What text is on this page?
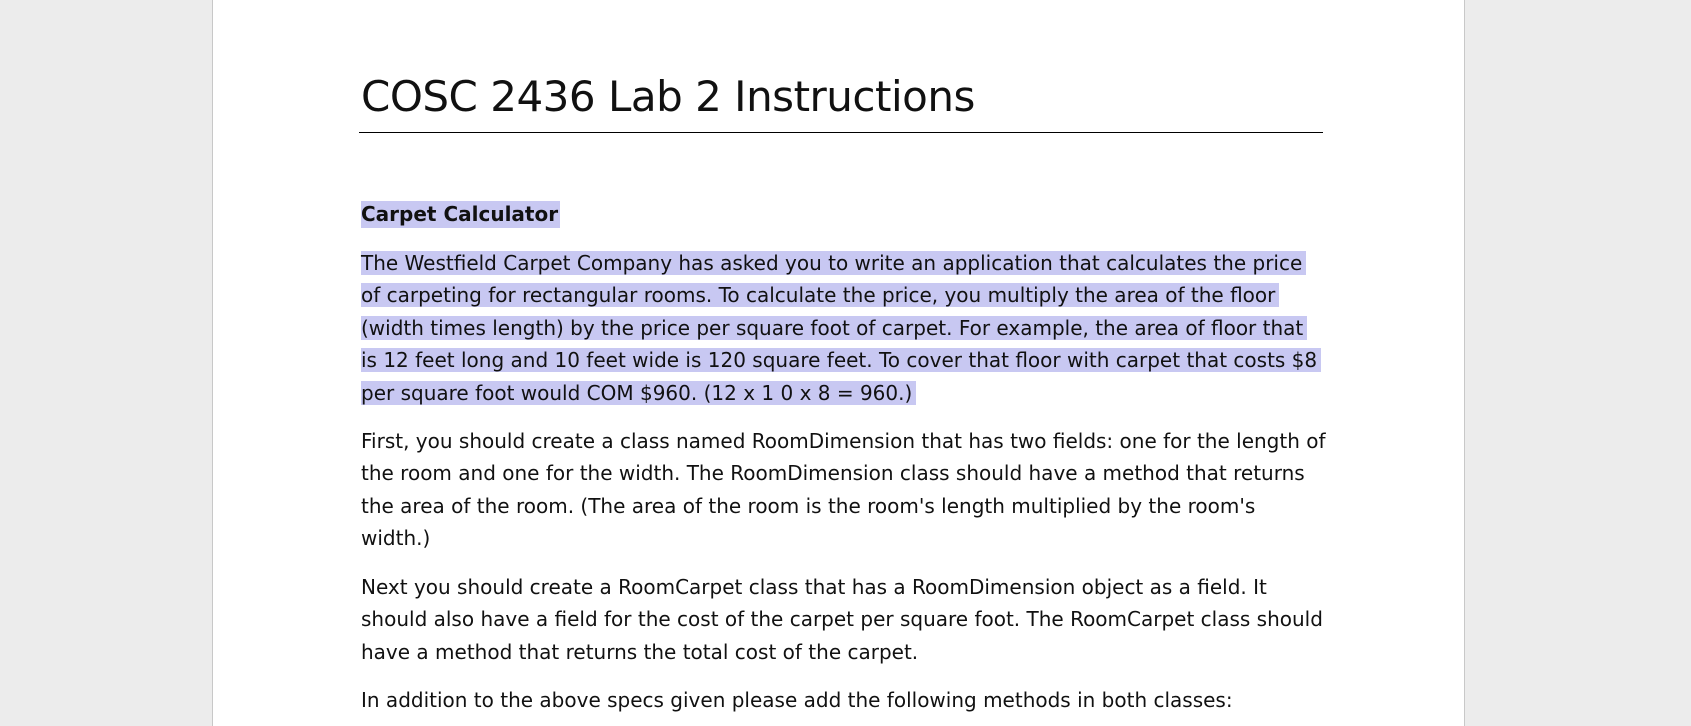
COSC 2436 Lab 2 Instructions
Carpet Calculator

The Westfield Carpet Company has asked you to write an application that calculates the price
of carpeting for rectangular rooms. To calculate the price, you multiply the area of the floor
(width times length) by the price per square foot of carpet. For example, the area of floor that
is 12 feet long and 10 feet wide is 120 square feet. To cover that floor with carpet that costs $8
per square foot would COM $960. (12 x 1 0 x 8 = 960.)

First, you should create a class named RoomDimension that has two fields: one for the length of
the room and one for the width. The RoomDimension class should have a method that returns
the area of the room. (The area of the room is the room's length multiplied by the room's
width.)

Next you should create a RoomCarpet class that has a RoomDimension object as a field. It
should also have a field for the cost of the carpet per square foot. The RoomCarpet class should
have a method that returns the total cost of the carpet.

In addition to the above specs given please add the following methods in both classes:
